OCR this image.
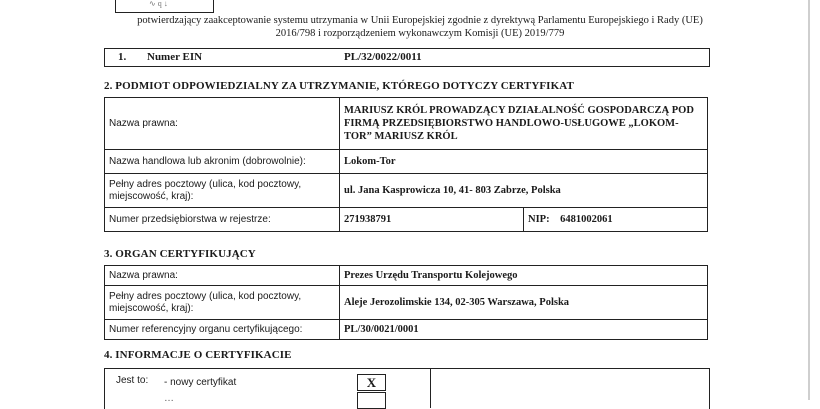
∿ q ↓
potwierdzający zaakceptowanie systemu utrzymania w Unii Europejskiej zgodnie z dyrektywą Parlamentu Europejskiego i Rady (UE)
2016/798 i rozporządzeniem wykonawczym Komisji (UE) 2019/779
1. Numer EIN	PL/32/0022/0011
2. PODMIOT ODPOWIEDZIALNY ZA UTRZYMANIE, KTÓREGO DOTYCZY CERTYFIKAT
Nazwa prawna:	MARIUSZ KRÓL PROWADZĄCY DZIAŁALNOŚĆ GOSPODARCZĄ POD FIRMĄ PRZEDSIĘBIORSTWO HANDLOWO-USŁUGOWE „LOKOM-TOR” MARIUSZ KRÓL	
Nazwa handlowa lub akronim (dobrowolnie):	Lokom-Tor	
Pełny adres pocztowy (ulica, kod pocztowy, miejscowość, kraj):	ul. Jana Kasprowicza 10, 41- 803 Zabrze, Polska	
Numer przedsiębiorstwa w rejestrze:	271938791	NIP: 6481002061
3. ORGAN CERTYFIKUJĄCY
Nazwa prawna:	Prezes Urzędu Transportu Kolejowego
Pełny adres pocztowy (ulica, kod pocztowy, miejscowość, kraj):	Aleje Jerozolimskie 134, 02-305 Warszawa, Polska
Numer referencyjny organu certyfikującego:	PL/30/0021/0001
4. INFORMACJE O CERTYFIKACIE
Jest to: - nowy certyfikat
…
X
